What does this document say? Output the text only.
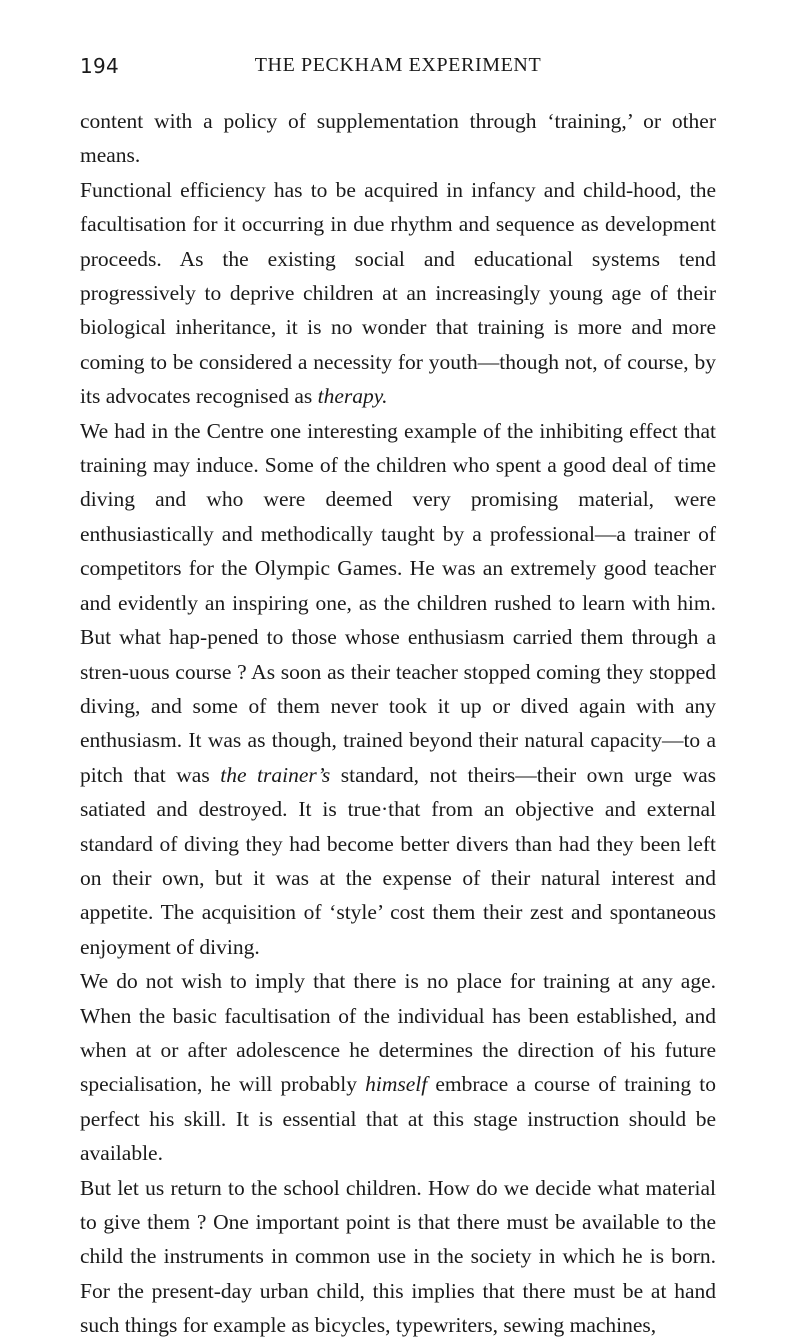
194	THE PECKHAM EXPERIMENT

content with a policy of supplementation through ‘training,’ or other means.

Functional efficiency has to be acquired in infancy and child-hood, the facultisation for it occurring in due rhythm and sequence as development proceeds. As the existing social and educational systems tend progressively to deprive children at an increasingly young age of their biological inheritance, it is no wonder that training is more and more coming to be considered a necessity for youth—though not, of course, by its advocates recognised as therapy.

We had in the Centre one interesting example of the inhibiting effect that training may induce. Some of the children who spent a good deal of time diving and who were deemed very promising material, were enthusiastically and methodically taught by a professional—a trainer of competitors for the Olympic Games. He was an extremely good teacher and evidently an inspiring one, as the children rushed to learn with him. But what hap-pened to those whose enthusiasm carried them through a stren-uous course ? As soon as their teacher stopped coming they stopped diving, and some of them never took it up or dived again with any enthusiasm. It was as though, trained beyond their natural capacity—to a pitch that was the trainer’s standard, not theirs—their own urge was satiated and destroyed. It is true·that from an objective and external standard of diving they had become better divers than had they been left on their own, but it was at the expense of their natural interest and appetite. The acquisition of ‘style’ cost them their zest and spontaneous enjoyment of diving.

We do not wish to imply that there is no place for training at any age. When the basic facultisation of the individual has been established, and when at or after adolescence he determines the direction of his future specialisation, he will probably himself embrace a course of training to perfect his skill. It is essential that at this stage instruction should be available.

But let us return to the school children. How do we decide what material to give them ? One important point is that there must be available to the child the instruments in common use in the society in which he is born. For the present-day urban child, this implies that there must be at hand such things for example as bicycles, typewriters, sewing machines,
